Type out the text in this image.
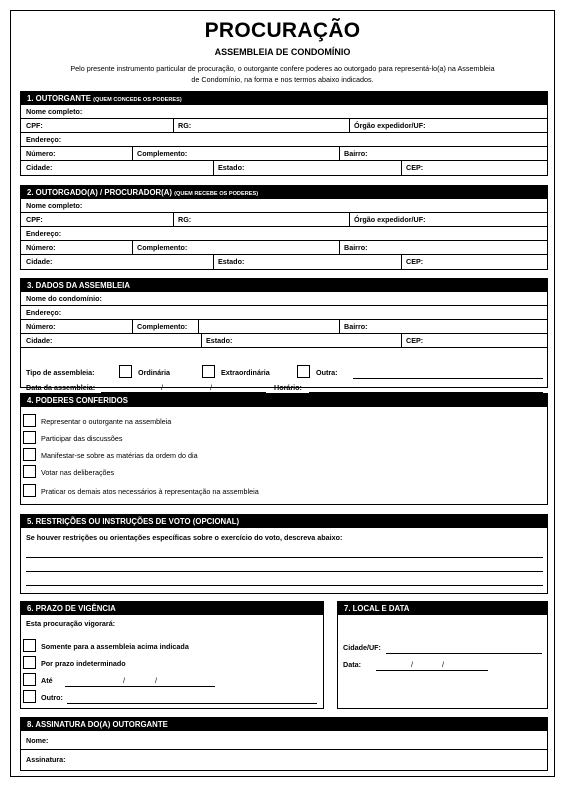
PROCURAÇÃO
ASSEMBLEIA DE CONDOMÍNIO
Pelo presente instrumento particular de procuração, o outorgante confere poderes ao outorgado para representá-lo(a) na Assembleia
de Condomínio, na forma e nos termos abaixo indicados.
1. OUTORGANTE (QUEM CONCEDE OS PODERES)
Nome completo:
CPF:	RG:	Órgão expedidor/UF:
Endereço:
Número:	Complemento:	Bairro:
Cidade:	Estado:	CEP:
2. OUTORGADO(A) / PROCURADOR(A) (QUEM RECEBE OS PODERES)
Nome completo:
CPF:	RG:	Órgão expedidor/UF:
Endereço:
Número:	Complemento:	Bairro:
Cidade:	Estado:	CEP:
3. DADOS DA ASSEMBLEIA
Nome do condomínio:
Endereço:
Número:	Complemento:	Bairro:
Cidade:	Estado:	CEP:
Tipo de assembleia:	Ordinária	Extraordinária	Outra:
Data da assembleia:	/	/	Horário:
4. PODERES CONFERIDOS
Representar o outorgante na assembleia
Participar das discussões
Manifestar-se sobre as matérias da ordem do dia
Votar nas deliberações
Praticar os demais atos necessários à representação na assembleia
5. RESTRIÇÕES OU INSTRUÇÕES DE VOTO (OPCIONAL)
Se houver restrições ou orientações específicas sobre o exercício do voto, descreva abaixo:
6. PRAZO DE VIGÊNCIA
Esta procuração vigorará:
Somente para a assembleia acima indicada
Por prazo indeterminado
Até	/	/
Outro:
7. LOCAL E DATA
Cidade/UF:
Data:	/	/
8. ASSINATURA DO(A) OUTORGANTE
Nome:
Assinatura:
